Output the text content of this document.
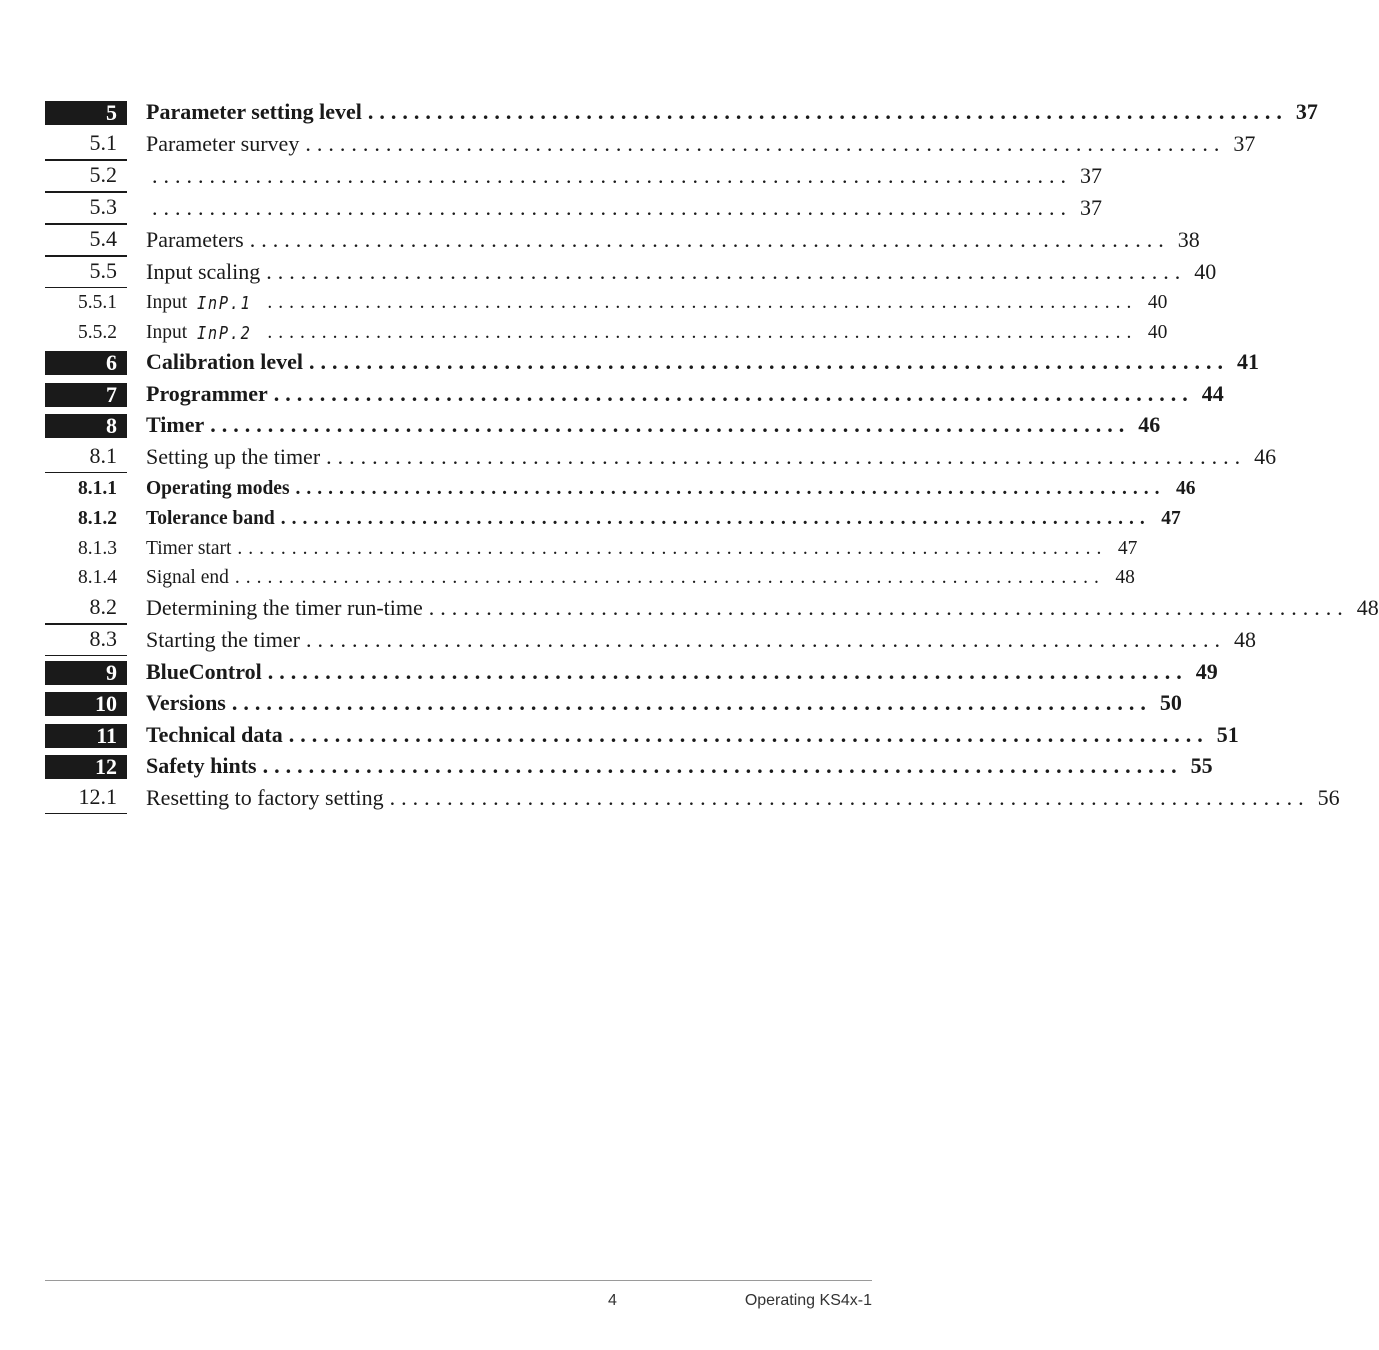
5	Parameter setting level ................................................................................ 37
5.1	Parameter survey ................................................................................ 37
5.2	................................................................................ 37
5.3	................................................................................ 37
5.4	Parameters ................................................................................ 38
5.5	Input scaling ................................................................................ 40
5.5.1	Input InP.1 ................................................................................ 40
5.5.2	Input InP.2 ................................................................................ 40
6	Calibration level ................................................................................ 41
7	Programmer ................................................................................ 44
8	Timer ................................................................................ 46
8.1	Setting up the timer ................................................................................ 46
8.1.1	Operating modes ................................................................................ 46
8.1.2	Tolerance band ................................................................................ 47
8.1.3	Timer start ................................................................................ 47
8.1.4	Signal end ................................................................................ 48
8.2	Determining the timer run-time ................................................................................ 48
8.3	Starting the timer ................................................................................ 48
9	BlueControl ................................................................................ 49
10	Versions ................................................................................ 50
11	Technical data ................................................................................ 51
12	Safety hints ................................................................................ 55
12.1	Resetting to factory setting ................................................................................ 56
4	Operating KS4x-1
